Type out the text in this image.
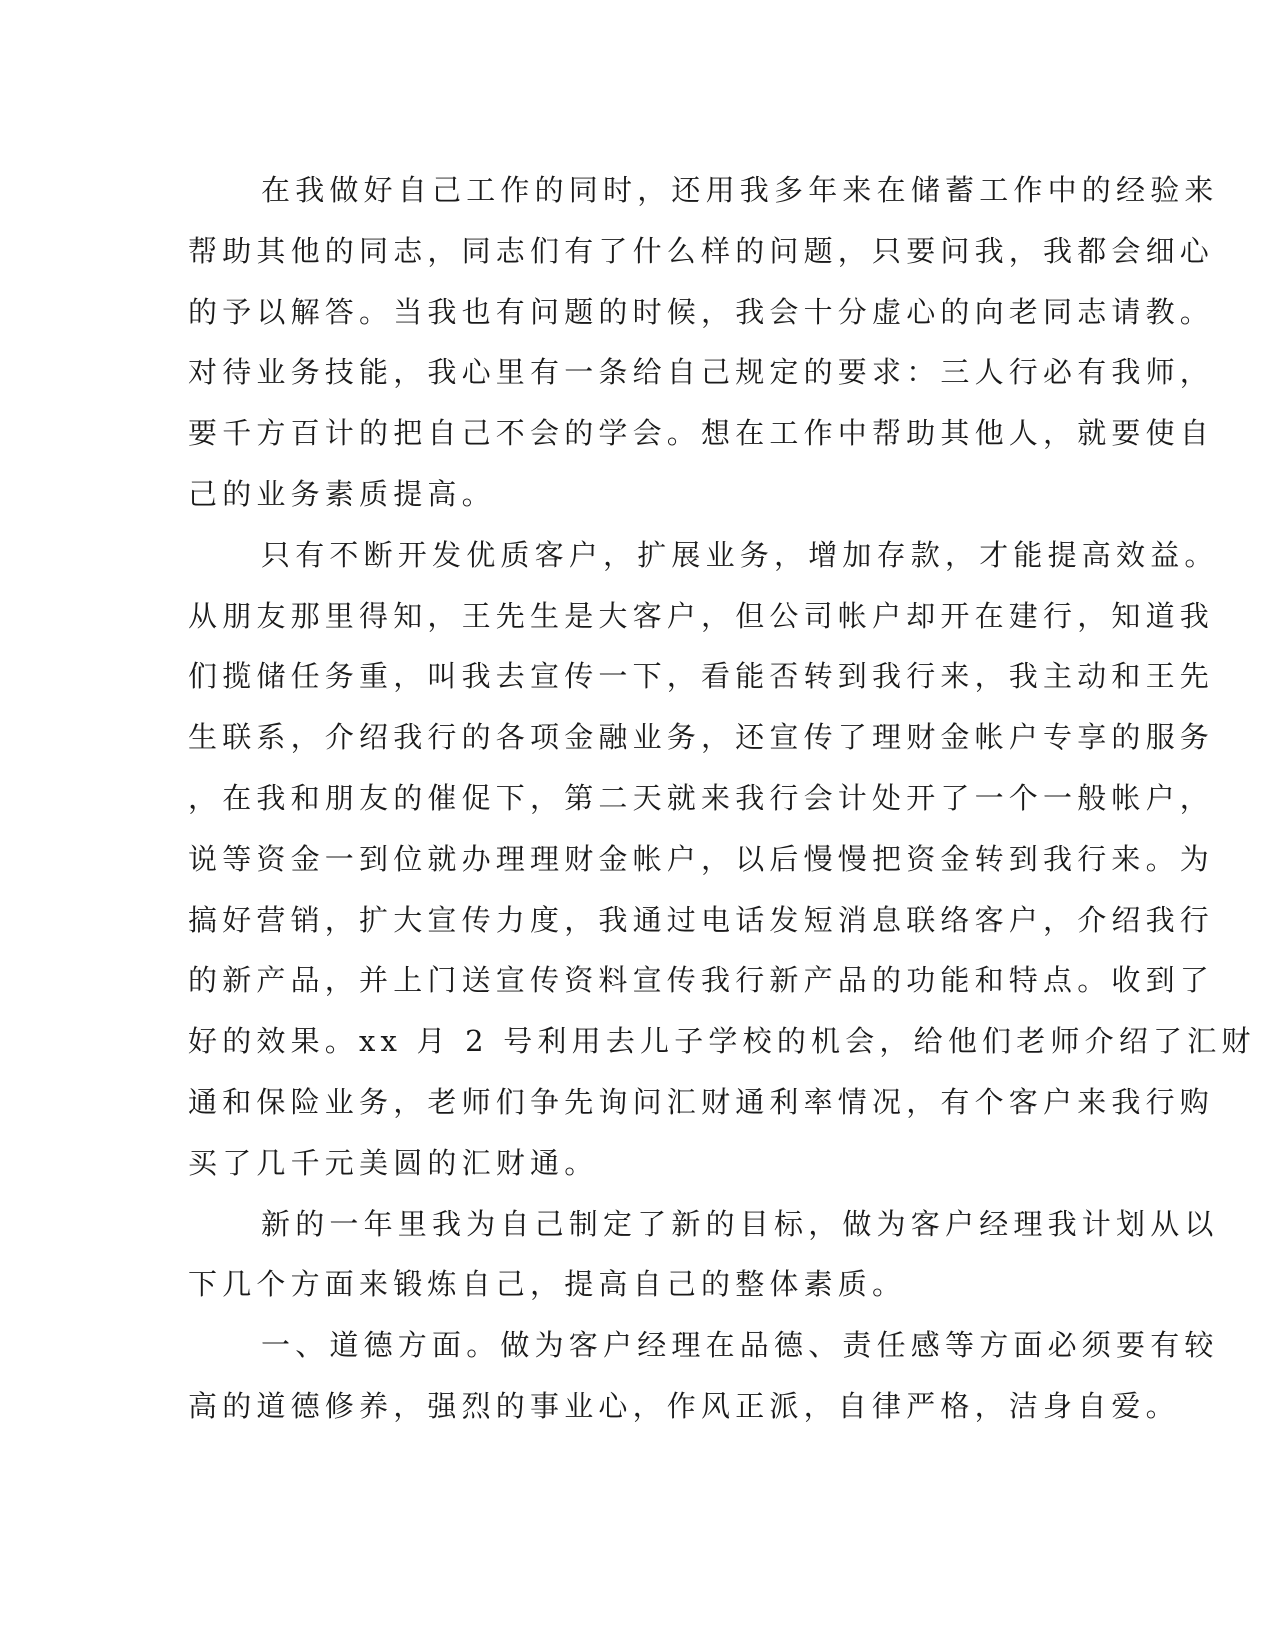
在我做好自己工作的同时，还用我多年来在储蓄工作中的经验来
帮助其他的同志，同志们有了什么样的问题，只要问我，我都会细心
的予以解答。当我也有问题的时候，我会十分虚心的向老同志请教。
对待业务技能，我心里有一条给自己规定的要求：三人行必有我师，
要千方百计的把自己不会的学会。想在工作中帮助其他人，就要使自
己的业务素质提高。
只有不断开发优质客户，扩展业务，增加存款，才能提高效益。
从朋友那里得知，王先生是大客户，但公司帐户却开在建行，知道我
们揽储任务重，叫我去宣传一下，看能否转到我行来，我主动和王先
生联系，介绍我行的各项金融业务，还宣传了理财金帐户专享的服务
，在我和朋友的催促下，第二天就来我行会计处开了一个一般帐户，
说等资金一到位就办理理财金帐户，以后慢慢把资金转到我行来。为
搞好营销，扩大宣传力度，我通过电话发短消息联络客户，介绍我行
的新产品，并上门送宣传资料宣传我行新产品的功能和特点。收到了
好的效果。xx 月 2 号利用去儿子学校的机会，给他们老师介绍了汇财
通和保险业务，老师们争先询问汇财通利率情况，有个客户来我行购
买了几千元美圆的汇财通。
新的一年里我为自己制定了新的目标，做为客户经理我计划从以
下几个方面来锻炼自己，提高自己的整体素质。
一、道德方面。做为客户经理在品德、责任感等方面必须要有较
高的道德修养，强烈的事业心，作风正派，自律严格，洁身自爱。
